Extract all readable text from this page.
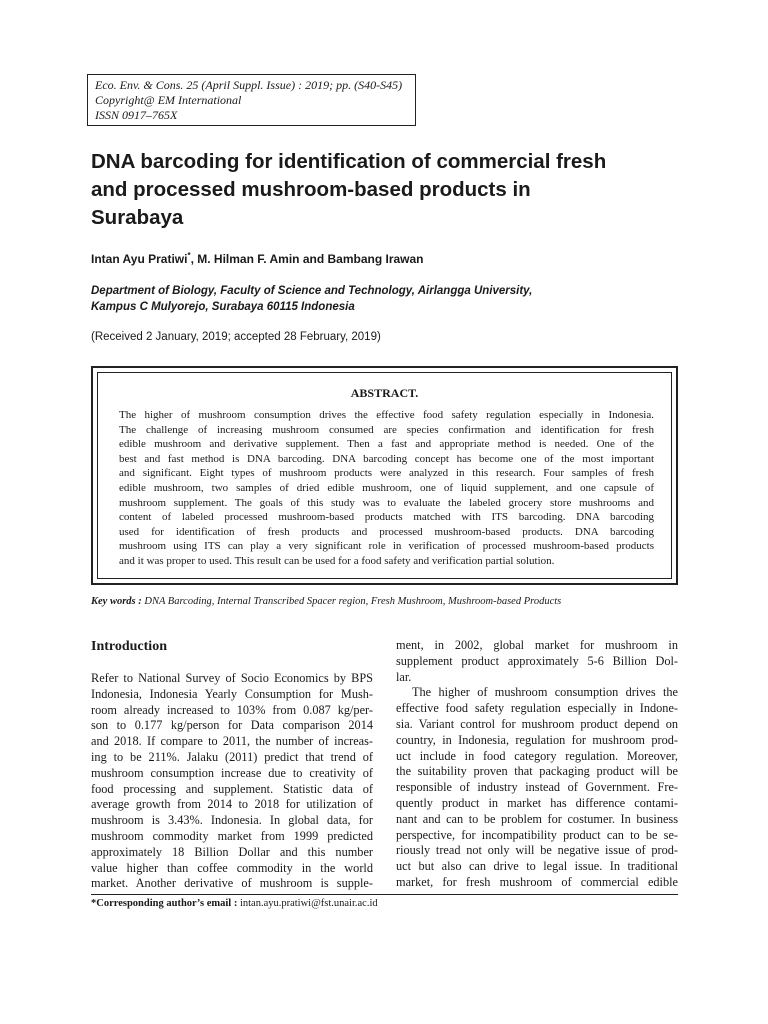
Eco. Env. & Cons. 25 (April Suppl. Issue) : 2019; pp. (S40-S45)
Copyright@ EM International
ISSN 0917–765X
DNA barcoding for identification of commercial fresh
and processed mushroom-based products in
Surabaya
Intan Ayu Pratiwi*, M. Hilman F. Amin and Bambang Irawan
Department of Biology, Faculty of Science and Technology, Airlangga University,
Kampus C Mulyorejo, Surabaya 60115 Indonesia
(Received 2 January, 2019; accepted 28 February, 2019)
ABSTRACT.
The higher of mushroom consumption drives the effective food safety regulation especially in Indonesia.
The challenge of increasing mushroom consumed are species confirmation and identification for fresh
edible mushroom and derivative supplement. Then a fast and appropriate method is needed. One of the
best and fast method is DNA barcoding. DNA barcoding concept has become one of the most important
and significant. Eight types of mushroom products were analyzed in this research. Four samples of fresh
edible mushroom, two samples of dried edible mushroom, one of liquid supplement, and one capsule of
mushroom supplement. The goals of this study was to evaluate the labeled grocery store mushrooms and
content of labeled processed mushroom-based products matched with ITS barcoding. DNA barcoding
used for identification of fresh products and processed mushroom-based products. DNA barcoding
mushroom using ITS can play a very significant role in verification of processed mushroom-based products
and it was proper to used. This result can be used for a food safety and verification partial solution.
Key words : DNA Barcoding, Internal Transcribed Spacer region, Fresh Mushroom, Mushroom-based Products
Introduction
Refer to National Survey of Socio Economics by BPS
Indonesia, Indonesia Yearly Consumption for Mush-
room already increased to 103% from 0.087 kg/per-
son to 0.177 kg/person for Data comparison 2014
and 2018. If compare to 2011, the number of increas-
ing to be 211%. Jalaku (2011) predict that trend of
mushroom consumption increase due to creativity of
food processing and supplement. Statistic data of
average growth from 2014 to 2018 for utilization of
mushroom is 3.43%. Indonesia. In global data, for
mushroom commodity market from 1999 predicted
approximately 18 Billion Dollar and this number
value higher than coffee commodity in the world
market. Another derivative of mushroom is supple-
ment, in 2002, global market for mushroom in
supplement product approximately 5-6 Billion Dol-
lar.
The higher of mushroom consumption drives the
effective food safety regulation especially in Indone-
sia. Variant control for mushroom product depend on
country, in Indonesia, regulation for mushroom prod-
uct include in food category regulation. Moreover,
the suitability proven that packaging product will be
responsible of industry instead of Government. Fre-
quently product in market has difference contami-
nant and can to be problem for costumer. In business
perspective, for incompatibility product can to be se-
riously tread not only will be negative issue of prod-
uct but also can drive to legal issue. In traditional
market, for fresh mushroom of commercial edible
*Corresponding author’s email : intan.ayu.pratiwi@fst.unair.ac.id
